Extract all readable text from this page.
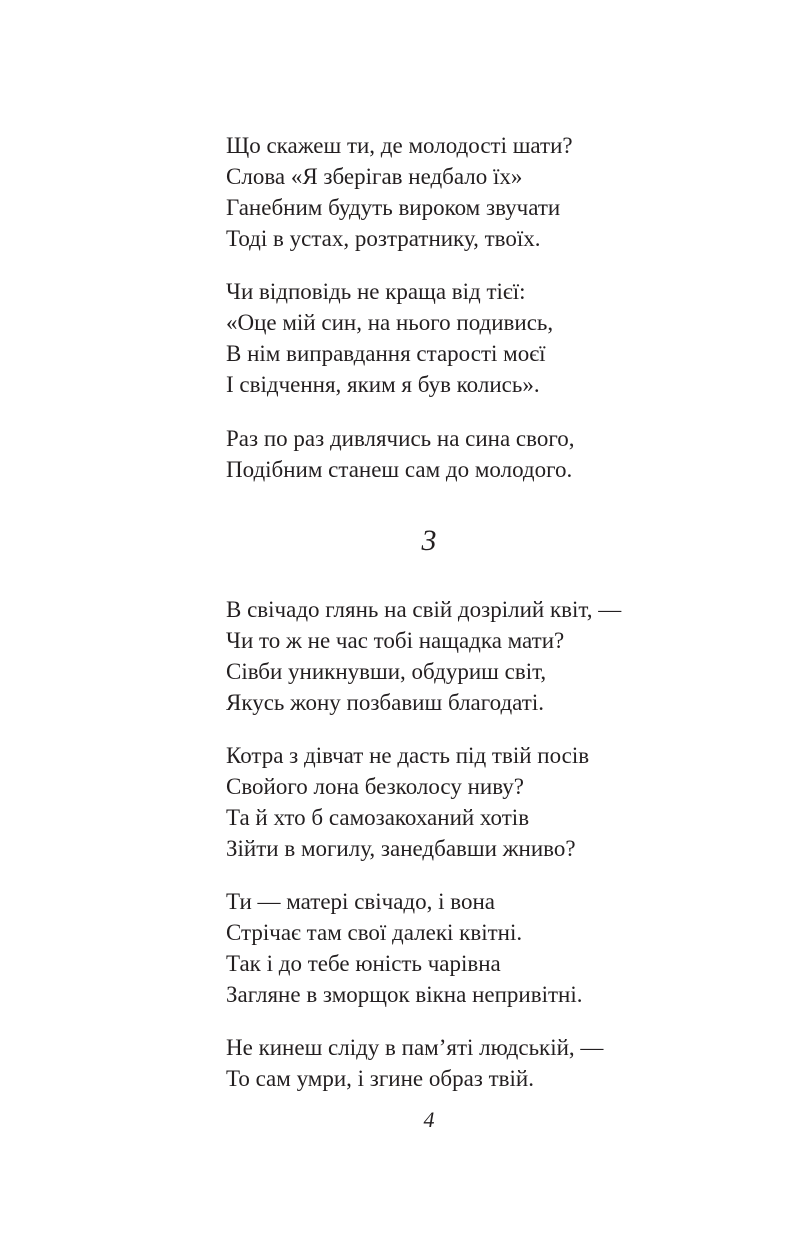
Що скажеш ти, де молодості шати?
Слова «Я зберігав недбало їх»
Ганебним будуть вироком звучати
Тоді в устах, розтратнику, твоїх.
Чи відповідь не краща від тієї:
«Оце мій син, на нього подивись,
В нім виправдання старості моєї
І свідчення, яким я був колись».
Раз по раз дивлячись на сина свого,
Подібним станеш сам до молодого.
3
В свічадо глянь на свій дозрілий квіт, —
Чи то ж не час тобі нащадка мати?
Сівби уникнувши, обдуриш світ,
Якусь жону позбавиш благодаті.
Котра з дівчат не дасть під твій посів
Свойого лона безколосу ниву?
Та й хто б самозакоханий хотів
Зійти в могилу, занедбавши жниво?
Ти — матері свічадо, і вона
Стрічає там свої далекі квітні.
Так і до тебе юність чарівна
Загляне в зморщок вікна непривітні.
Не кинеш сліду в пам’яті людській, —
То сам умри, і згине образ твій.
4
